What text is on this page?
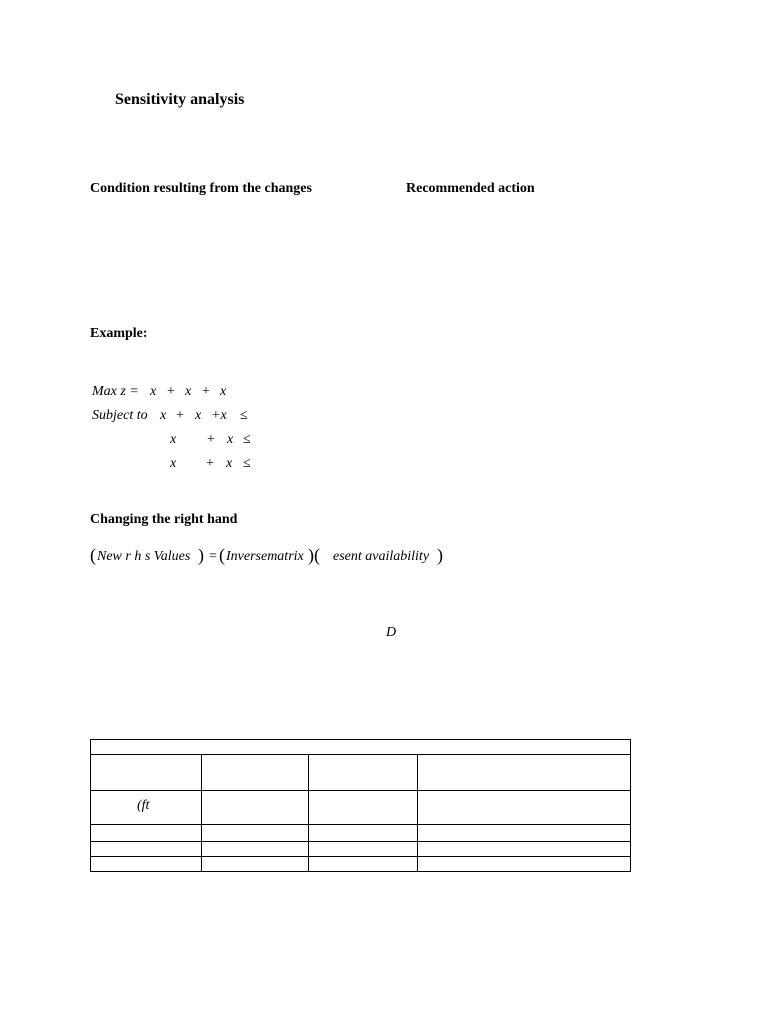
Sensitivity analysis
Condition resulting from the changes	Recommended action
Example:
Max z = x + x + x
Subject to x + x +x ≤
x + x ≤
x + x ≤
Changing the right hand
( New r h s Values ) = ( Inversematrix ) ( esent availability )
D
(ft
